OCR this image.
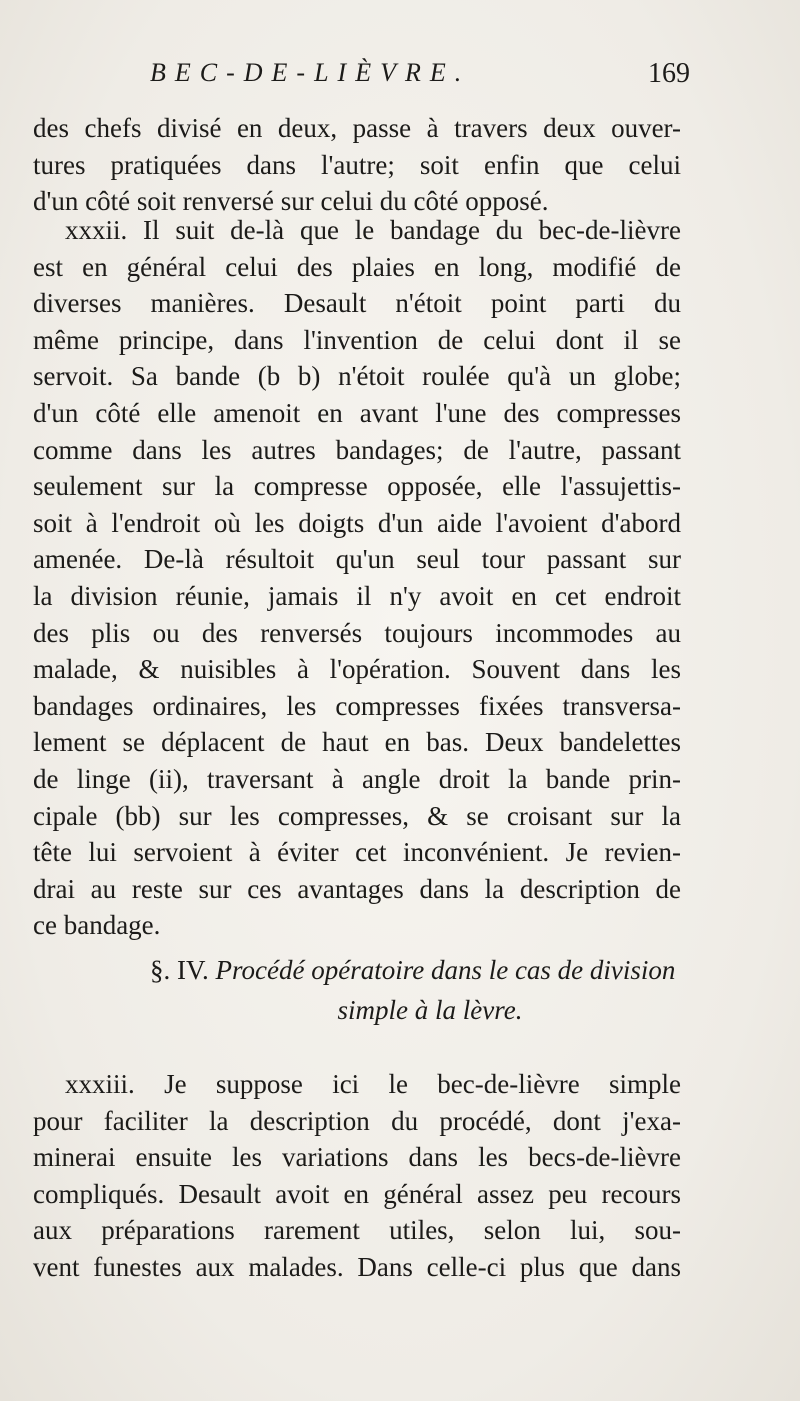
BEC-DE-LIÈVRE.	169
des chefs divisé en deux, passe à travers deux ouver-
tures pratiquées dans l'autre; soit enfin que celui
d'un côté soit renversé sur celui du côté opposé.
xxxii. Il suit de-là que le bandage du bec-de-lièvre
est en général celui des plaies en long, modifié de
diverses manières. Desault n'étoit point parti du
même principe, dans l'invention de celui dont il se
servoit. Sa bande (b b) n'étoit roulée qu'à un globe;
d'un côté elle amenoit en avant l'une des compresses
comme dans les autres bandages; de l'autre, passant
seulement sur la compresse opposée, elle l'assujettis-
soit à l'endroit où les doigts d'un aide l'avoient d'abord
amenée. De-là résultoit qu'un seul tour passant sur
la division réunie, jamais il n'y avoit en cet endroit
des plis ou des renversés toujours incommodes au
malade, & nuisibles à l'opération. Souvent dans les
bandages ordinaires, les compresses fixées transversa-
lement se déplacent de haut en bas. Deux bandelettes
de linge (ii), traversant à angle droit la bande prin-
cipale (bb) sur les compresses, & se croisant sur la
tête lui servoient à éviter cet inconvénient. Je revien-
drai au reste sur ces avantages dans la description de
ce bandage.
§. IV. Procédé opératoire dans le cas de division
simple à la lèvre.
xxxiii. Je suppose ici le bec-de-lièvre simple
pour faciliter la description du procédé, dont j'exa-
minerai ensuite les variations dans les becs-de-lièvre
compliqués. Desault avoit en général assez peu recours
aux préparations rarement utiles, selon lui, sou-
vent funestes aux malades. Dans celle-ci plus que dans
